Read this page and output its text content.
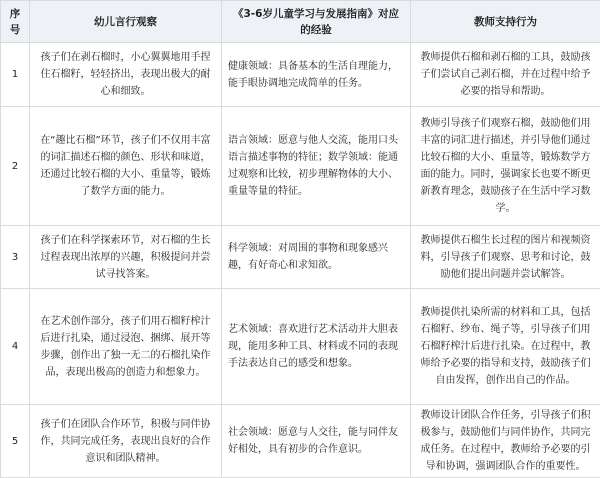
序号	幼儿言行观察	《3-6岁儿童学习与发展指南》对应的经验	教师支持行为
1	孩子们在剥石榴时，小心翼翼地用手捏住石榴籽，轻轻挤出，表现出极大的耐心和细致。	健康领域：具备基本的生活自理能力，能手眼协调地完成简单的任务。	教师提供石榴和剥石榴的工具，鼓励孩子们尝试自己剥石榴，并在过程中给予必要的指导和帮助。
2	在“趣比石榴”环节，孩子们不仅用丰富的词汇描述石榴的颜色、形状和味道，还通过比较石榴的大小、重量等，锻炼了数学方面的能力。	语言领域：愿意与他人交流，能用口头语言描述事物的特征；数学领域：能通过观察和比较，初步理解物体的大小、重量等量的特征。	教师引导孩子们观察石榴，鼓励他们用丰富的词汇进行描述，并引导他们通过比较石榴的大小、重量等，锻炼数学方面的能力。同时，强调家长也要不断更新教育理念，鼓励孩子在生活中学习数学。
3	孩子们在科学探索环节，对石榴的生长过程表现出浓厚的兴趣，积极提问并尝试寻找答案。	科学领域：对周围的事物和现象感兴趣，有好奇心和求知欲。	教师提供石榴生长过程的图片和视频资料，引导孩子们观察、思考和讨论，鼓励他们提出问题并尝试解答。
4	在艺术创作部分，孩子们用石榴籽榨汁后进行扎染，通过浸泡、捆绑、展开等步骤，创作出了独一无二的石榴扎染作品，表现出极高的创造力和想象力。	艺术领域：喜欢进行艺术活动并大胆表现，能用多种工具、材料或不同的表现手法表达自己的感受和想象。	教师提供扎染所需的材料和工具，包括石榴籽、纱布、绳子等，引导孩子们用石榴籽榨汁后进行扎染。在过程中，教师给予必要的指导和支持，鼓励孩子们自由发挥，创作出自己的作品。
5	孩子们在团队合作环节，积极与同伴协作，共同完成任务，表现出良好的合作意识和团队精神。	社会领域：愿意与人交往，能与同伴友好相处，具有初步的合作意识。	教师设计团队合作任务，引导孩子们积极参与，鼓励他们与同伴协作，共同完成任务。在过程中，教师给予必要的引导和协调，强调团队合作的重要性。
